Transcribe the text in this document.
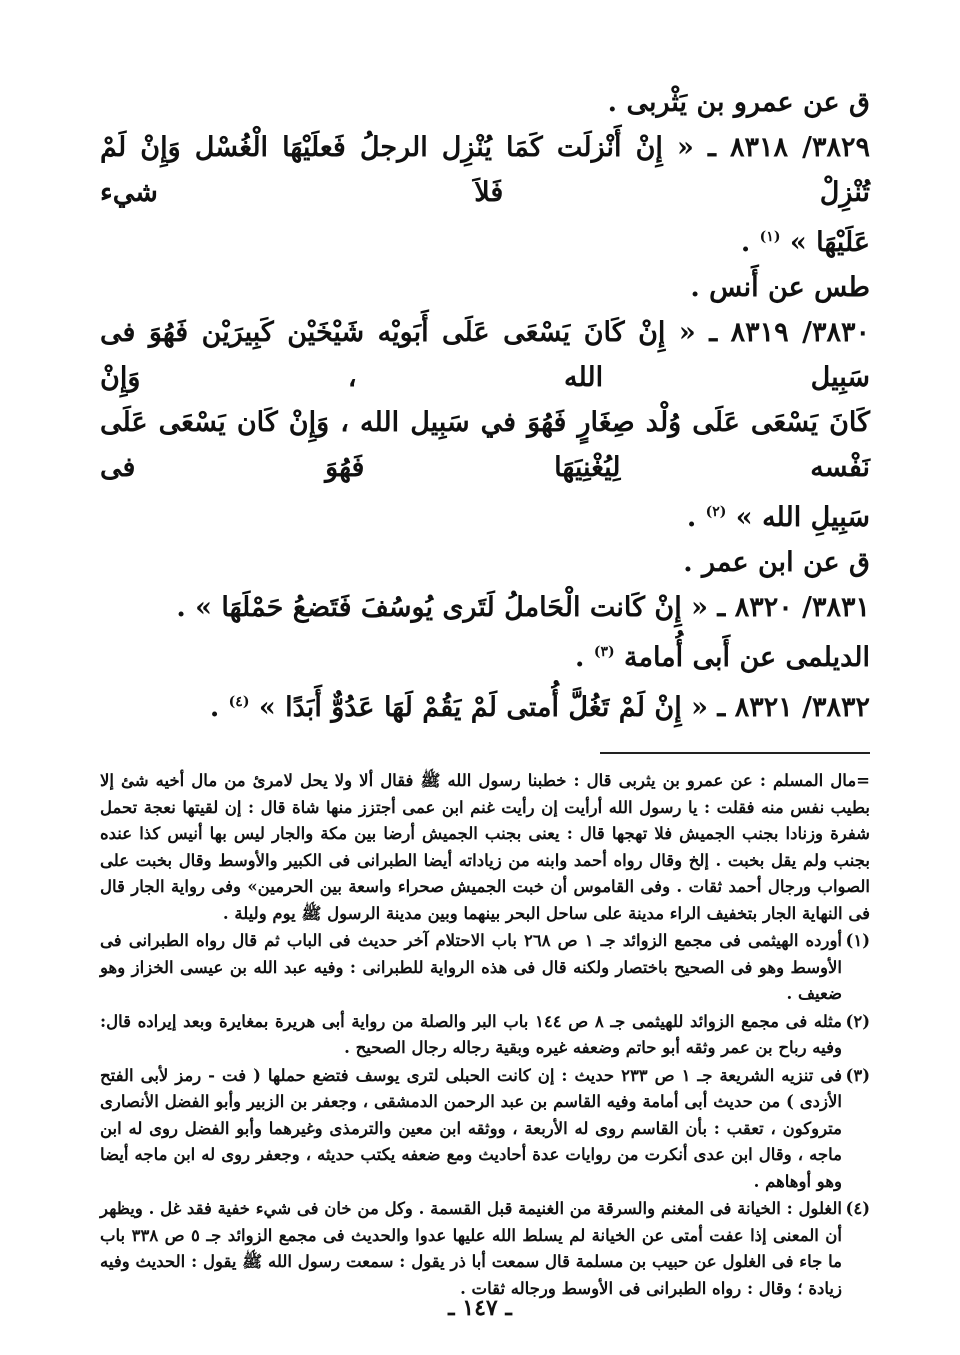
ق عن عمرو بن يَثْربى .
٣٨٢٩/ ٨٣١٨ ـ « إِنْ أَنْزلَت كَمَا يُنْزِل الرجلُ فَعلَيْهَا الْغُسْل وَإِنْ لَمْ تُنْزِلْ فَلاَ شيء
عَلَيْهَا » $^{(١)}$ .
طس عن أَنس .
٣٨٣٠/ ٨٣١٩ ـ « إِنْ كَانَ يَسْعَى عَلَى أَبَويْه شَيْخَيْن كَبِيرَيْن فَهُوَ فى سَبِيل الله ، وَإِنْ
كَانَ يَسْعَى عَلَى وُلْد صِغَارٍ فَهُوَ في سَبِيل الله ، وَإِنْ كَان يَسْعَى عَلَى نَفْسه لِيُغْنِيَهَا فَهُوَ فى
سَبِيلِ الله » $^{(٢)}$ .
ق عن ابن عمر .
٣٨٣١/ ٨٣٢٠ ـ « إِنْ كَانت الْحَاملُ لَتَرى يُوسُفَ فَتَضعُ حَمْلَهَا » .
الديلمى عن أَبى أُمامة $^{(٣)}$ .
٣٨٣٢/ ٨٣٢١ ـ « إِنْ لَمْ تَغُلَّ أُمتى لَمْ يَقُمْ لَهَا عَدُوٌّ أَبَدًا » $^{(٤)}$ .
=مال المسلم : عن عمرو بن يثربى قال : خطبنا رسول الله ﷺ فقال ألا ولا يحل لامرئ من مال أخيه شئ إلا بطيب نفس منه فقلت : يا رسول الله أرأيت إن رأيت غنم ابن عمى أجتزز منها شاة قال : إن لقيتها نعجة تحمل شفرة وزنادا بجنب الجميش فلا تهجها قال : يعنى بجنب الجميش أرضا بين مكة والجار ليس بها أنيس كذا عنده بجنب ولم يقل بخبت . إلخ وقال رواه أحمد وابنه من زياداته أيضا الطبرانى فى الكبير والأوسط وقال بخبت على الصواب ورجال أحمد ثقات . وفى القاموس أن خبت الجميش صحراء واسعة بين الحرمين» وفى رواية الجار قال فى النهاية الجار بتخفيف الراء مدينة على ساحل البحر بينهما وبين مدينة الرسول ﷺ يوم وليلة .
(١)
أورده الهيثمى فى مجمع الزوائد جـ ١ ص ٢٦٨ باب الاحتلام آخر حديث فى الباب ثم قال رواه الطبرانى فى الأوسط وهو فى الصحيح باختصار ولكنه قال فى هذه الرواية للطبرانى : وفيه عبد الله بن عيسى الخزاز وهو ضعيف .
(٢)
مثله فى مجمع الزوائد للهيثمى جـ ٨ ص ١٤٤ باب البر والصلة من رواية أبى هريرة بمغايرة وبعد إيراده قال: وفيه رباح بن عمر وثقه أبو حاتم وضعفه غيره وبقية رجاله رجال الصحيح .
(٣)
فى تنزيه الشريعة جـ ١ ص ٢٣٣ حديث : إن كانت الحبلى لترى يوسف فتضع حملها ( فت - رمز لأبى الفتح الأزدى ) من حديث أبى أمامة وفيه القاسم بن عبد الرحمن الدمشقى ، وجعفر بن الزبير وأبو الفضل الأنصارى متروكون ، تعقب : بأن القاسم روى له الأربعة ، ووثقه ابن معين والترمذى وغيرهما وأبو الفضل روى له ابن ماجه ، وقال ابن عدى أنكرت من روايات عدة أحاديث ومع ضعفه يكتب حديثه ، وجعفر روى له ابن ماجه أيضا وهو أوهاهم .
(٤)
الغلول : الخيانة فى المغنم والسرقة من الغنيمة قبل القسمة . وكل من خان فى شيء خفية فقد غل . ويظهر أن المعنى إذا عفت أمتى عن الخيانة لم يسلط الله عليها عدوا والحديث فى مجمع الزوائد جـ ٥ ص ٣٣٨ باب ما جاء فى الغلول عن حبيب بن مسلمة قال سمعت أبا ذر يقول : سمعت رسول الله ﷺ يقول : الحديث وفيه زيادة ؛ وقال : رواه الطبرانى فى الأوسط ورجاله ثقات .
ـ ١٤٧ ـ
